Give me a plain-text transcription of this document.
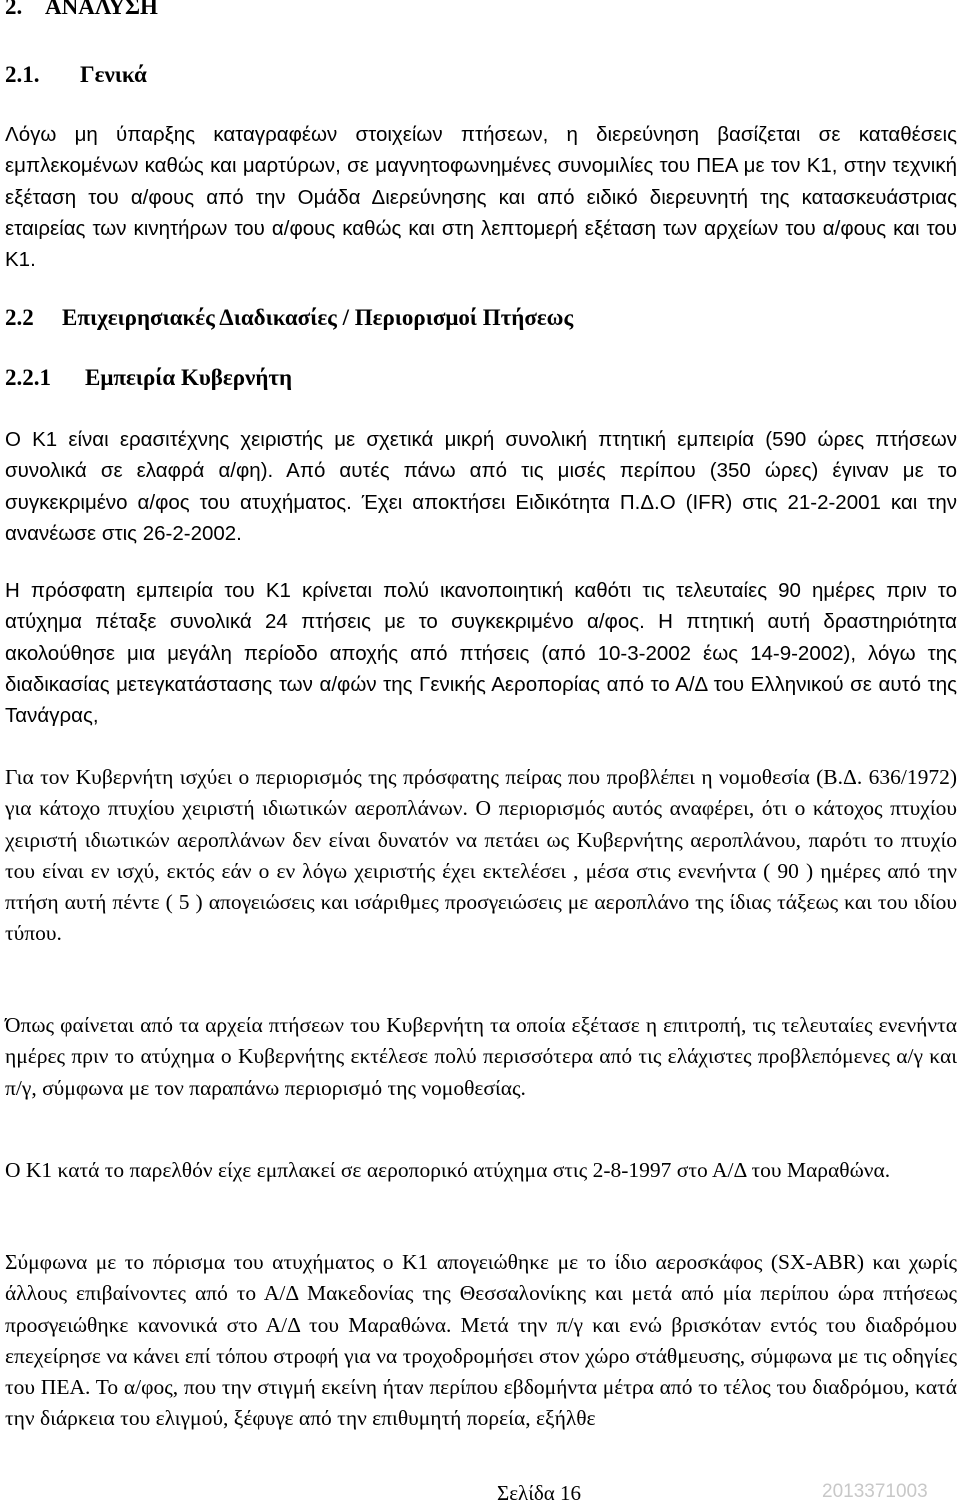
2. ΑΝΑΛΥΣΗ
2.1. Γενικά

Λόγω μη ύπαρξης καταγραφέων στοιχείων πτήσεων, η διερεύνηση βασίζεται σε καταθέσεις εμπλεκομένων καθώς και μαρτύρων, σε μαγνητοφωνημένες συνομιλίες του ΠΕΑ με τον Κ1, στην τεχνική εξέταση του α/φους από την Ομάδα Διερεύνησης και από ειδικό διερευνητή της κατασκευάστριας εταιρείας των κινητήρων του α/φους καθώς και στη λεπτομερή εξέταση των αρχείων του α/φους και του Κ1.

2.2 Επιχειρησιακές Διαδικασίες / Περιορισμοί Πτήσεως
2.2.1 Εμπειρία Κυβερνήτη

Ο Κ1 είναι ερασιτέχνης χειριστής με σχετικά μικρή συνολική πτητική εμπειρία (590 ώρες πτήσεων συνολικά σε ελαφρά α/φη). Από αυτές πάνω από τις μισές περίπου (350 ώρες) έγιναν με το συγκεκριμένο α/φος του ατυχήματος. Έχει αποκτήσει Ειδικότητα Π.Δ.Ο (IFR) στις 21-2-2001 και την ανανέωσε στις 26-2-2002.

Η πρόσφατη εμπειρία του Κ1 κρίνεται πολύ ικανοποιητική καθότι τις τελευταίες 90 ημέρες πριν το ατύχημα πέταξε συνολικά 24 πτήσεις με το συγκεκριμένο α/φος. Η πτητική αυτή δραστηριότητα ακολούθησε μια μεγάλη περίοδο αποχής από πτήσεις (από 10-3-2002 έως 14-9-2002), λόγω της διαδικασίας μετεγκατάστασης των α/φών της Γενικής Αεροπορίας από το Α/Δ του Ελληνικού σε αυτό της Τανάγρας,

Για τον Κυβερνήτη ισχύει ο περιορισμός της πρόσφατης πείρας που προβλέπει η νομοθεσία (Β.Δ. 636/1972) για κάτοχο πτυχίου χειριστή ιδιωτικών αεροπλάνων. Ο περιορισμός αυτός αναφέρει, ότι ο κάτοχος πτυχίου χειριστή ιδιωτικών αεροπλάνων δεν είναι δυνατόν να πετάει ως Κυβερνήτης αεροπλάνου, παρότι το πτυχίο του είναι εν ισχύ, εκτός εάν ο εν λόγω χειριστής έχει εκτελέσει , μέσα στις ενενήντα ( 90 ) ημέρες από την πτήση αυτή πέντε ( 5 ) απογειώσεις και ισάριθμες προσγειώσεις με αεροπλάνο της ίδιας τάξεως και του ιδίου τύπου.

Όπως φαίνεται από τα αρχεία πτήσεων του Κυβερνήτη τα οποία εξέτασε η επιτροπή, τις τελευταίες ενενήντα ημέρες πριν το ατύχημα ο Κυβερνήτης εκτέλεσε πολύ περισσότερα από τις ελάχιστες προβλεπόμενες α/γ και π/γ, σύμφωνα με τον παραπάνω περιορισμό της νομοθεσίας.

Ο Κ1 κατά το παρελθόν είχε εμπλακεί σε αεροπορικό ατύχημα στις 2-8-1997 στο Α/Δ του Μαραθώνα.

Σύμφωνα με το πόρισμα του ατυχήματος ο Κ1 απογειώθηκε με το ίδιο αεροσκάφος (SX-ABR) και χωρίς άλλους επιβαίνοντες από το Α/Δ Μακεδονίας της Θεσσαλονίκης και μετά από μία περίπου ώρα πτήσεως προσγειώθηκε κανονικά στο Α/Δ του Μαραθώνα. Μετά την π/γ και ενώ βρισκόταν εντός του διαδρόμου επεχείρησε να κάνει επί τόπου στροφή για να τροχοδρομήσει στον χώρο στάθμευσης, σύμφωνα με τις οδηγίες του ΠΕΑ. Το α/φος, που την στιγμή εκείνη ήταν περίπου εβδομήντα μέτρα από το τέλος του διαδρόμου, κατά την διάρκεια του ελιγμού, ξέφυγε από την επιθυμητή πορεία, εξήλθε

Σελίδα 16	2013371003
